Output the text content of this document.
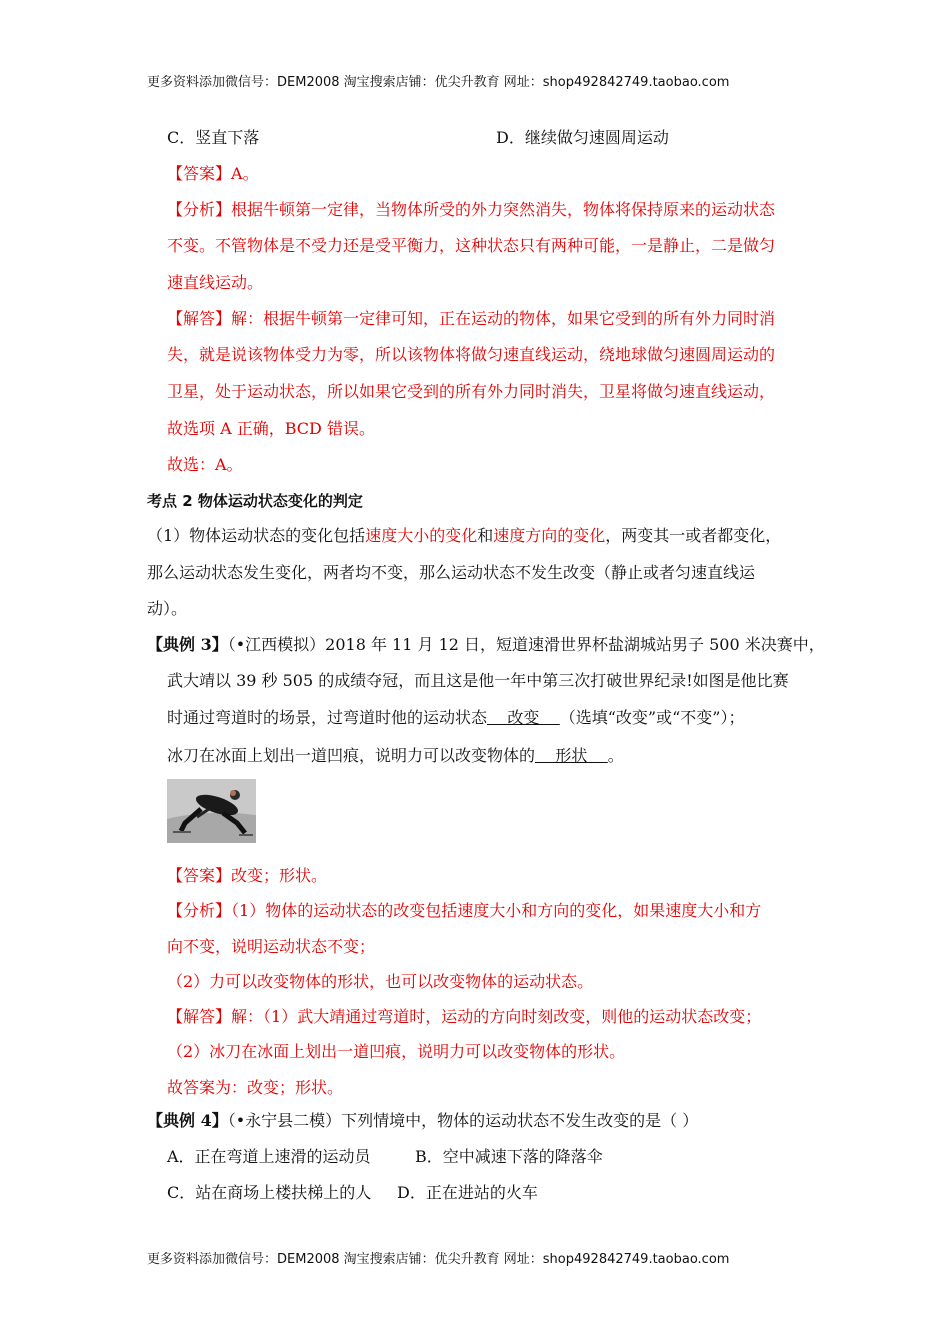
更多资料添加微信号：DEM2008 淘宝搜索店铺：优尖升教育 网址：shop492842749.taobao.com
C．竖直下落	D．继续做匀速圆周运动
【答案】A。
【分析】根据牛顿第一定律，当物体所受的外力突然消失，物体将保持原来的运动状态
不变。不管物体是不受力还是受平衡力，这种状态只有两种可能，一是静止，二是做匀
速直线运动。
【解答】解：根据牛顿第一定律可知，正在运动的物体，如果它受到的所有外力同时消
失，就是说该物体受力为零，所以该物体将做匀速直线运动，绕地球做匀速圆周运动的
卫星，处于运动状态，所以如果它受到的所有外力同时消失，卫星将做匀速直线运动，
故选项 A 正确，BCD 错误。
故选：A。
考点 2 物体运动状态变化的判定
（1）物体运动状态的变化包括速度大小的变化和速度方向的变化，两变其一或者都变化，
那么运动状态发生变化，两者均不变，那么运动状态不发生改变（静止或者匀速直线运
动）。
【典例 3】（•江西模拟）2018 年 11 月 12 日，短道速滑世界杯盐湖城站男子 500 米决赛中，
武大靖以 39 秒 505 的成绩夺冠，而且这是他一年中第三次打破世界纪录!如图是他比赛
时通过弯道时的场景，过弯道时他的运动状态    改变    （选填“改变”或“不变”）；
冰刀在冰面上划出一道凹痕，说明力可以改变物体的    形状    。
【答案】改变；形状。
【分析】（1）物体的运动状态的改变包括速度大小和方向的变化，如果速度大小和方
向不变，说明运动状态不变；
（2）力可以改变物体的形状，也可以改变物体的运动状态。
【解答】解：（1）武大靖通过弯道时，运动的方向时刻改变，则他的运动状态改变；
（2）冰刀在冰面上划出一道凹痕，说明力可以改变物体的形状。
故答案为：改变；形状。
【典例 4】（•永宁县二模）下列情境中，物体的运动状态不发生改变的是（ ）
A．正在弯道上速滑的运动员	B．空中减速下落的降落伞
C．站在商场上楼扶梯上的人 D．正在进站的火车
更多资料添加微信号：DEM2008 淘宝搜索店铺：优尖升教育 网址：shop492842749.taobao.com
